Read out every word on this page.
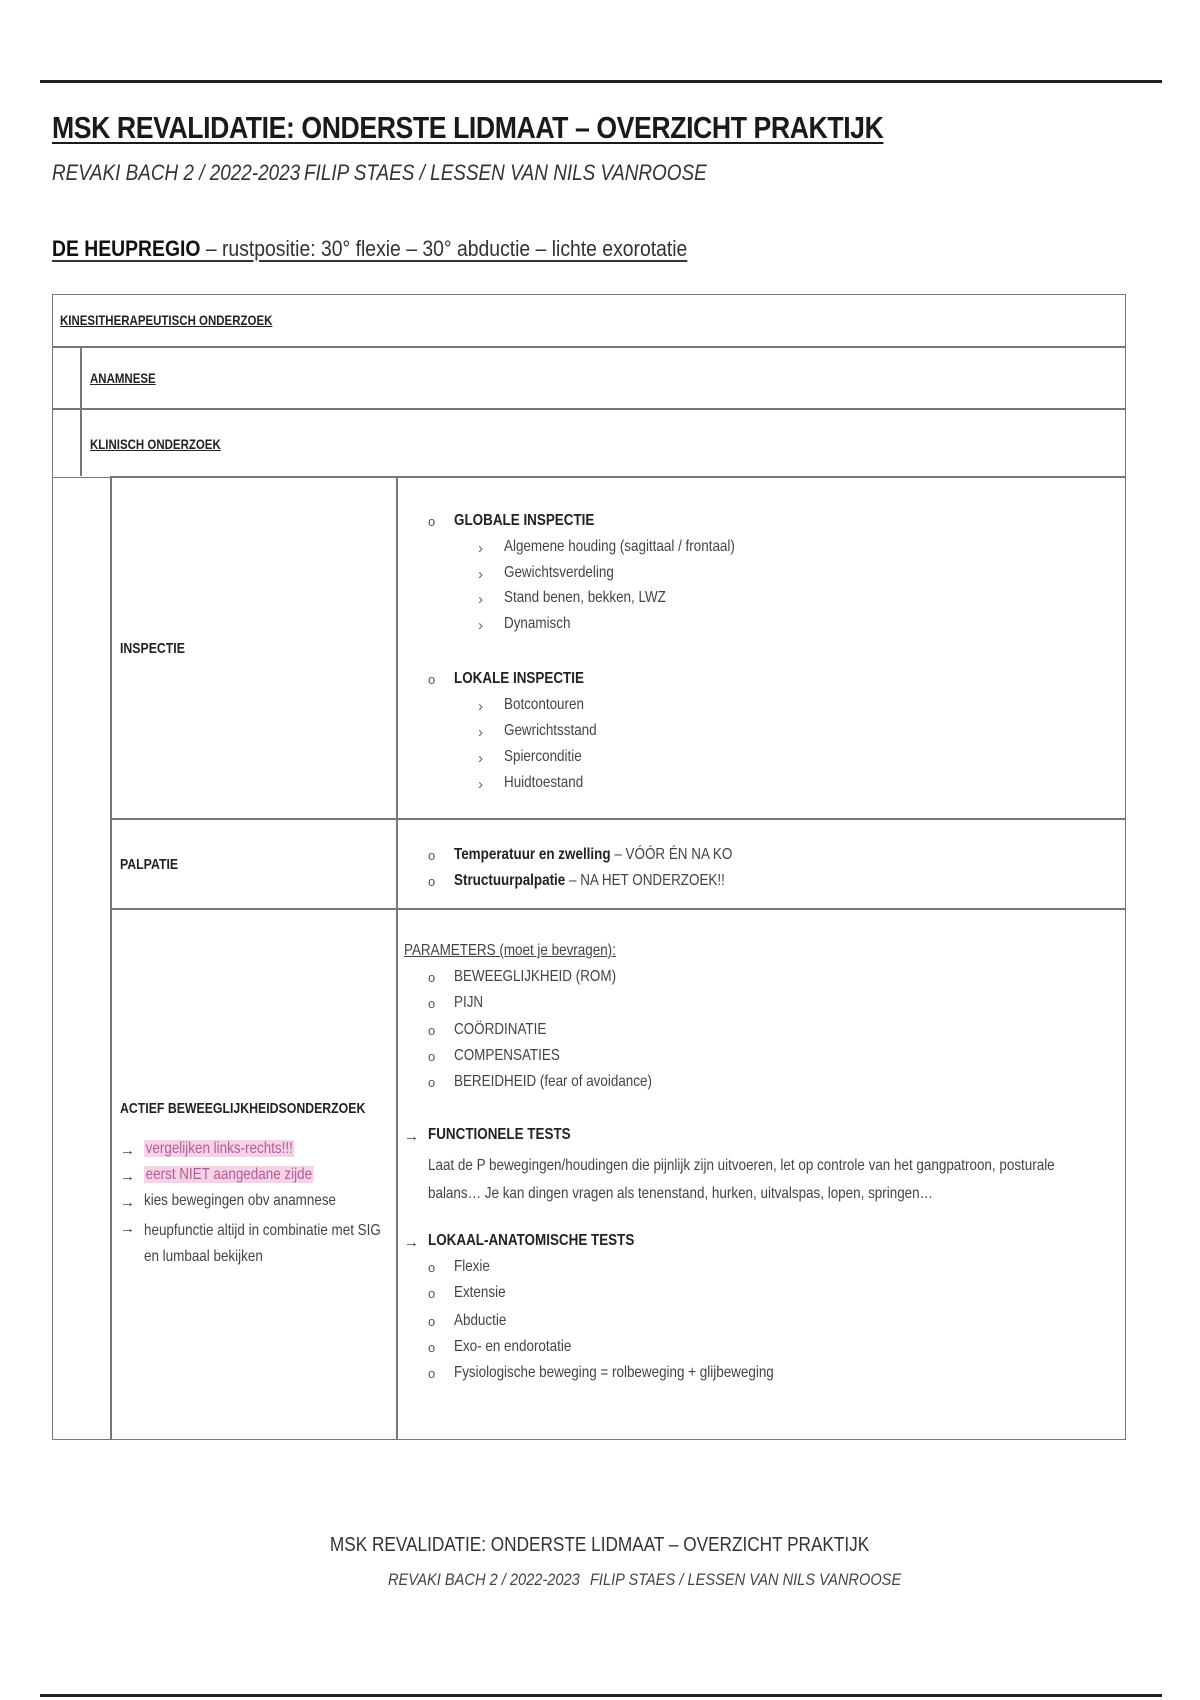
MSK REVALIDATIE: ONDERSTE LIDMAAT – OVERZICHT PRAKTIJK
REVAKI BACH 2 / 2022-2023 FILIP STAES / LESSEN VAN NILS VANROOSE
DE HEUPREGIO – rustpositie: 30° flexie – 30° abductie – lichte exorotatie
KINESITHERAPEUTISCH ONDERZOEK
ANAMNESE
KLINISCH ONDERZOEK
INSPECTIE
o GLOBALE INSPECTIE
› Algemene houding (sagittaal / frontaal)
› Gewichtsverdeling
› Stand benen, bekken, LWZ
› Dynamisch
o LOKALE INSPECTIE
› Botcontouren
› Gewrichtsstand
› Spierconditie
› Huidtoestand
PALPATIE
o Temperatuur en zwelling – VÓÓR ÉN NA KO
o Structuurpalpatie – NA HET ONDERZOEK!!
ACTIEF BEWEEGLIJKHEIDSONDERZOEK
→ vergelijken links-rechts!!!
→ eerst NIET aangedane zijde
→ kies bewegingen obv anamnese
→ heupfunctie altijd in combinatie met SIG en lumbaal bekijken
PARAMETERS (moet je bevragen):
o BEWEEGLIJKHEID (ROM)
o PIJN
o COÖRDINATIE
o COMPENSATIES
o BEREIDHEID (fear of avoidance)
→ FUNCTIONELE TESTS
Laat de P bewegingen/houdingen die pijnlijk zijn uitvoeren, let op controle van het gangpatroon, posturale balans… Je kan dingen vragen als tenenstand, hurken, uitvalspas, lopen, springen…
→ LOKAAL-ANATOMISCHE TESTS
o Flexie
o Extensie
o Abductie
o Exo- en endorotatie
o Fysiologische beweging = rolbeweging + glijbeweging
MSK REVALIDATIE: ONDERSTE LIDMAAT – OVERZICHT PRAKTIJK
REVAKI BACH 2 / 2022-2023 FILIP STAES / LESSEN VAN NILS VANROOSE
